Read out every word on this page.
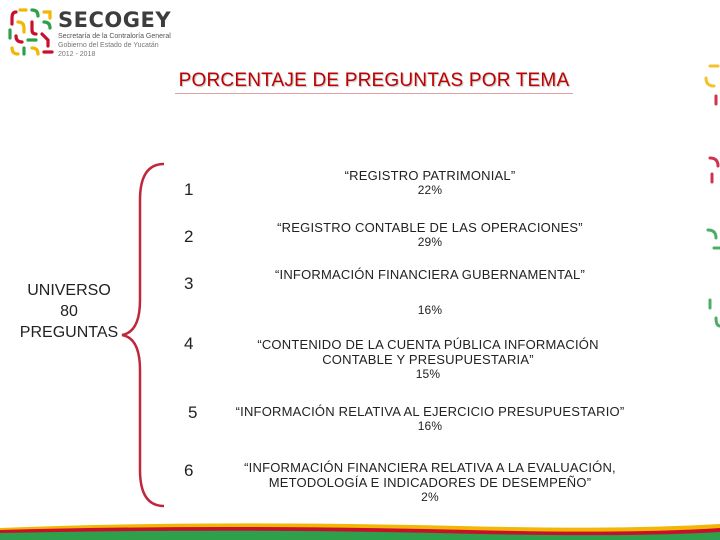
SECOGEY
Secretaría de la Contraloría General
Gobierno del Estado de Yucatán
2012 - 2018
PORCENTAJE DE PREGUNTAS POR TEMA
UNIVERSO
80
PREGUNTAS
1
2
3
4
5
6
“REGISTRO PATRIMONIAL”
22%
“REGISTRO CONTABLE DE LAS OPERACIONES”
29%
“INFORMACIÓN FINANCIERA GUBERNAMENTAL”
16%
“CONTENIDO DE LA CUENTA PÚBLICA INFORMACIÓN CONTABLE Y PRESUPUESTARIA”
15%
“INFORMACIÓN RELATIVA AL EJERCICIO PRESUPUESTARIO”
16%
“INFORMACIÓN FINANCIERA RELATIVA A LA EVALUACIÓN, METODOLOGÍA E INDICADORES DE DESEMPEÑO”
2%
